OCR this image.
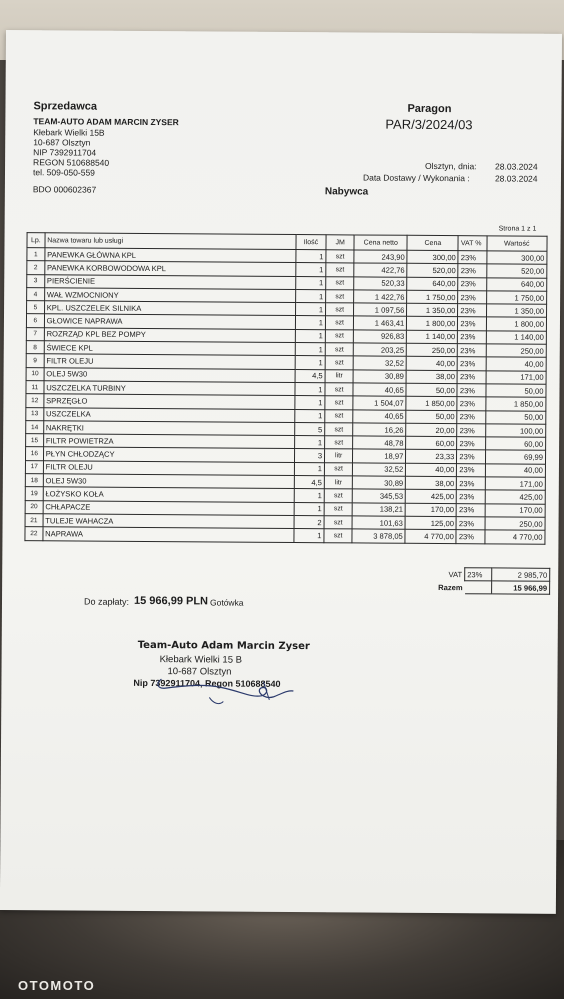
Sprzedawca
TEAM-AUTO ADAM MARCIN ZYSER
Kłebark Wielki 15B
10-687 Olsztyn
NIP 7392911704
REGON 510688540
tel. 509-050-559
Paragon
PAR/3/2024/03
Olsztyn, dnia: 28.03.2024
Data Dostawy / Wykonania :	28.03.2024
BDO 000602367	Nabywca
Strona 1 z 1
Lp.	Nazwa towaru lub usługi	Ilość	JM	Cena netto	Cena	VAT %	Wartość
1	PANEWKA GŁÓWNA KPL	1	szt	243,90	300,00	23%	300,00
2	PANEWKA KORBOWODOWA KPL	1	szt	422,76	520,00	23%	520,00
3	PIERŚCIENIE	1	szt	520,33	640,00	23%	640,00
4	WAŁ WZMOCNIONY	1	szt	1 422,76	1 750,00	23%	1 750,00
5	KPL. USZCZELEK SILNIKA	1	szt	1 097,56	1 350,00	23%	1 350,00
6	GŁOWICE NAPRAWA	1	szt	1 463,41	1 800,00	23%	1 800,00
7	ROZRZĄD KPL BEZ POMPY	1	szt	926,83	1 140,00	23%	1 140,00
8	ŚWIECE KPL	1	szt	203,25	250,00	23%	250,00
9	FILTR OLEJU	1	szt	32,52	40,00	23%	40,00
10	OLEJ 5W30	4,5	litr	30,89	38,00	23%	171,00
11	USZCZELKA TURBINY	1	szt	40,65	50,00	23%	50,00
12	SPRZĘGŁO	1	szt	1 504,07	1 850,00	23%	1 850,00
13	USZCZELKA	1	szt	40,65	50,00	23%	50,00
14	NAKRĘTKI	5	szt	16,26	20,00	23%	100,00
15	FILTR POWIETRZA	1	szt	48,78	60,00	23%	60,00
16	PŁYN CHŁODZĄCY	3	litr	18,97	23,33	23%	69,99
17	FILTR OLEJU	1	szt	32,52	40,00	23%	40,00
18	OLEJ 5W30	4,5	litr	30,89	38,00	23%	171,00
19	ŁOŻYSKO KOŁA	1	szt	345,53	425,00	23%	425,00
20	CHŁAPACZE	1	szt	138,21	170,00	23%	170,00
21	TULEJE WAHACZA	2	szt	101,63	125,00	23%	250,00
22	NAPRAWA	1	szt	3 878,05	4 770,00	23%	4 770,00
VAT	23%	2 985,70
Razem		15 966,99
Do zapłaty: 15 966,99 PLN Gotówka
Team-Auto Adam Marcin Zyser
Kłebark Wielki 15 B
10-687 Olsztyn
Nip 7392911704, Regon 510688540
OTOMOTO
